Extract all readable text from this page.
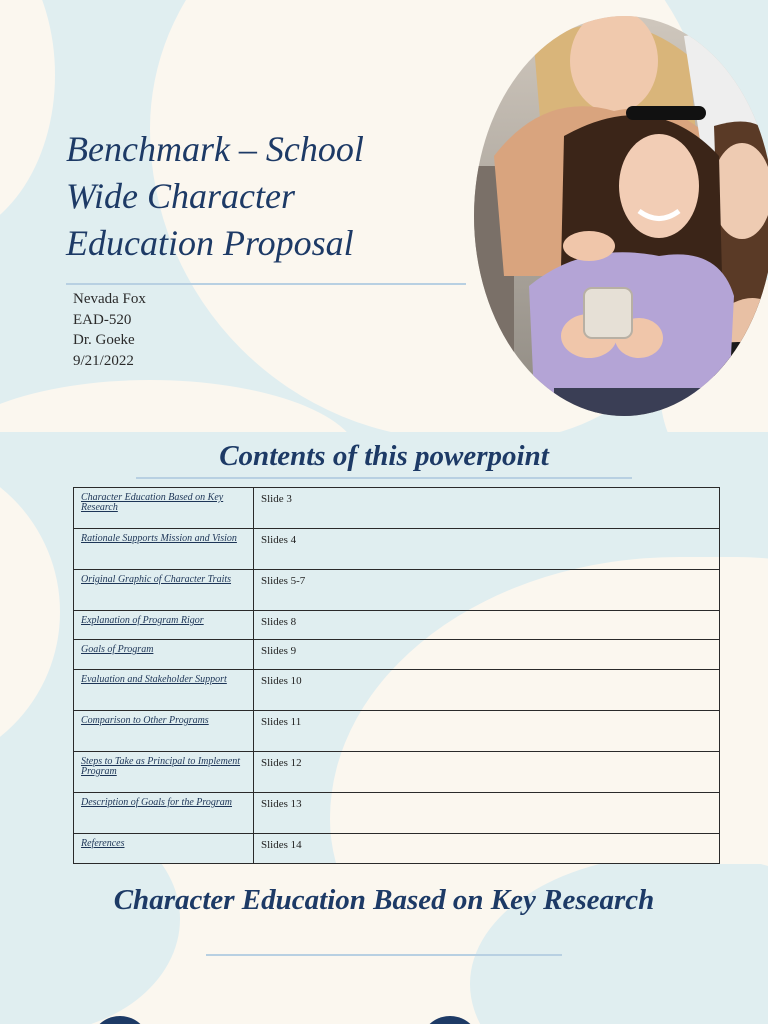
Benchmark – School Wide Character Education Proposal
Nevada Fox
EAD-520
Dr. Goeke
9/21/2022
Contents of this powerpoint
Character Education Based on Key Research	Slide 3
Rationale Supports Mission and Vision	Slides 4
Original Graphic of Character Traits	Slides 5-7
Explanation of Program Rigor	Slides 8
Goals of Program	Slides 9
Evaluation and Stakeholder Support	Slides 10
Comparison to Other Programs	Slides 11
Steps to Take as Principal to Implement Program	Slides 12
Description of Goals for the Program	Slides 13
References	Slides 14
Character Education Based on Key Research
